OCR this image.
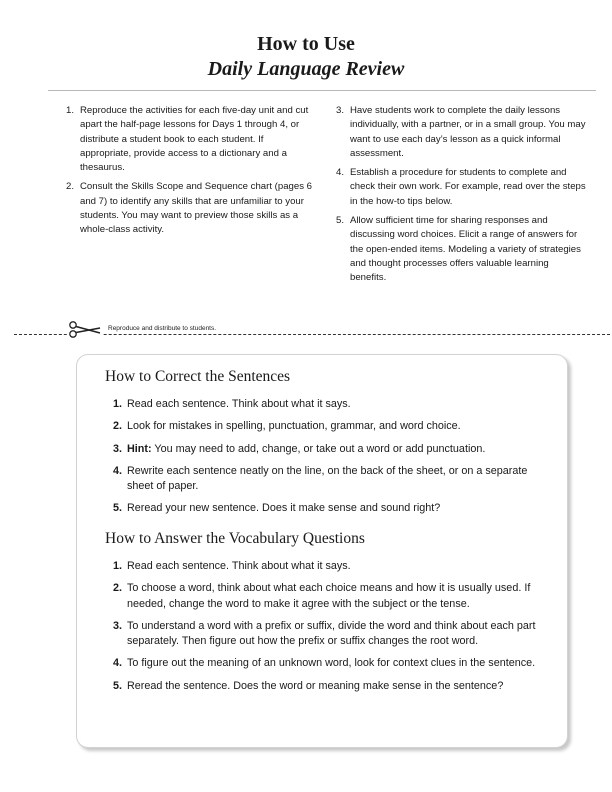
How to Use
Daily Language Review
1. Reproduce the activities for each five-day unit and cut apart the half-page lessons for Days 1 through 4, or distribute a student book to each student. If appropriate, provide access to a dictionary and a thesaurus.
2. Consult the Skills Scope and Sequence chart (pages 6 and 7) to identify any skills that are unfamiliar to your students. You may want to preview those skills as a whole-class activity.
3. Have students work to complete the daily lessons individually, with a partner, or in a small group. You may want to use each day’s lesson as a quick informal assessment.
4. Establish a procedure for students to complete and check their own work. For example, read over the steps in the how-to tips below.
5. Allow sufficient time for sharing responses and discussing word choices. Elicit a range of answers for the open-ended items. Modeling a variety of strategies and thought processes offers valuable learning benefits.
Reproduce and distribute to students.
How to Correct the Sentences
1. Read each sentence. Think about what it says.
2. Look for mistakes in spelling, punctuation, grammar, and word choice.
3. Hint: You may need to add, change, or take out a word or add punctuation.
4. Rewrite each sentence neatly on the line, on the back of the sheet, or on a separate sheet of paper.
5. Reread your new sentence. Does it make sense and sound right?
How to Answer the Vocabulary Questions
1. Read each sentence. Think about what it says.
2. To choose a word, think about what each choice means and how it is usually used. If needed, change the word to make it agree with the subject or the tense.
3. To understand a word with a prefix or suffix, divide the word and think about each part separately. Then figure out how the prefix or suffix changes the root word.
4. To figure out the meaning of an unknown word, look for context clues in the sentence.
5. Reread the sentence. Does the word or meaning make sense in the sentence?
